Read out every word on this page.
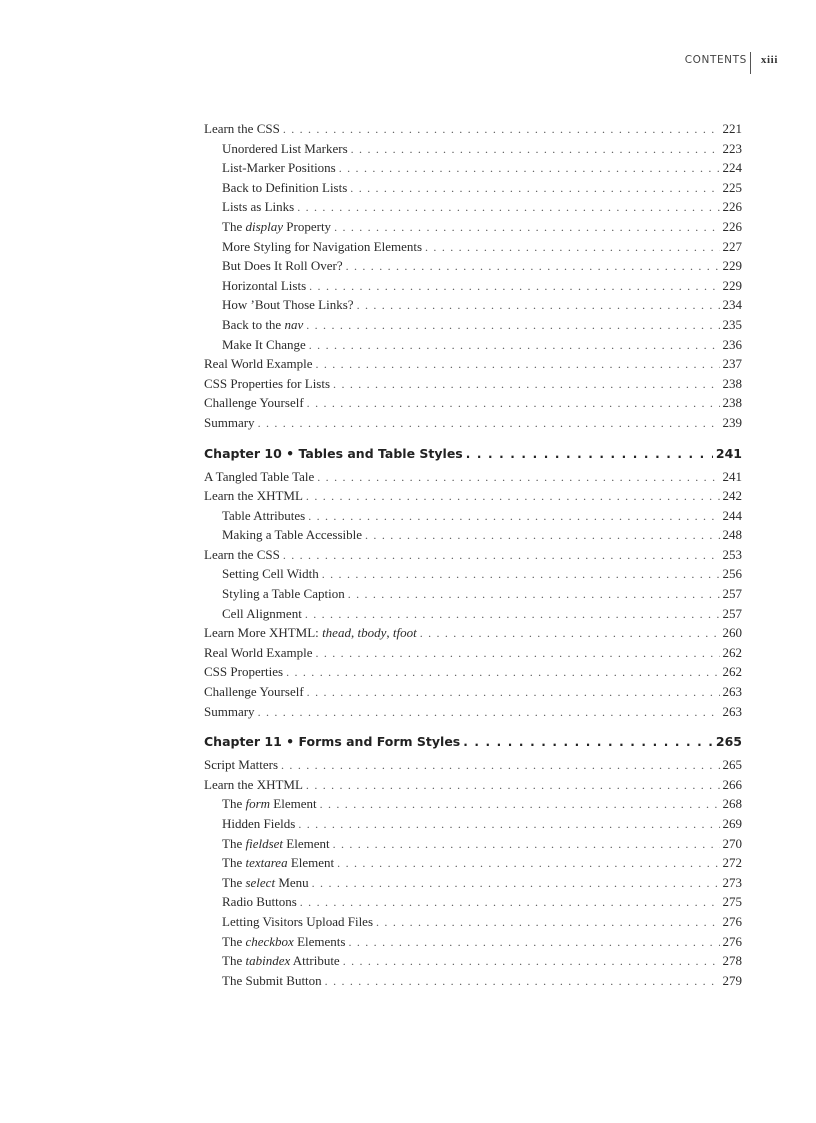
CONTENTS xiii
Learn the CSS . . .	221
Unordered List Markers . . .	223
List-Marker Positions . . .	224
Back to Definition Lists . . .	225
Lists as Links . . .	226
The display Property . . .	226
More Styling for Navigation Elements . . .	227
But Does It Roll Over? . . .	229
Horizontal Lists . . .	229
How ’Bout Those Links? . . .	234
Back to the nav . . .	235
Make It Change . . .	236
Real World Example . . .	237
CSS Properties for Lists . . .	238
Challenge Yourself . . .	238
Summary . . .	239
Chapter 10 • Tables and Table Styles . . .	241
A Tangled Table Tale . . .	241
Learn the XHTML . . .	242
Table Attributes . . .	244
Making a Table Accessible . . .	248
Learn the CSS . . .	253
Setting Cell Width . . .	256
Styling a Table Caption . . .	257
Cell Alignment . . .	257
Learn More XHTML: thead, tbody, tfoot . . .	260
Real World Example . . .	262
CSS Properties . . .	262
Challenge Yourself . . .	263
Summary . . .	263
Chapter 11 • Forms and Form Styles . . .	265
Script Matters . . .	265
Learn the XHTML . . .	266
The form Element . . .	268
Hidden Fields . . .	269
The fieldset Element . . .	270
The textarea Element . . .	272
The select Menu . . .	273
Radio Buttons . . .	275
Letting Visitors Upload Files . . .	276
The checkbox Elements . . .	276
The tabindex Attribute . . .	278
The Submit Button . . .	279
